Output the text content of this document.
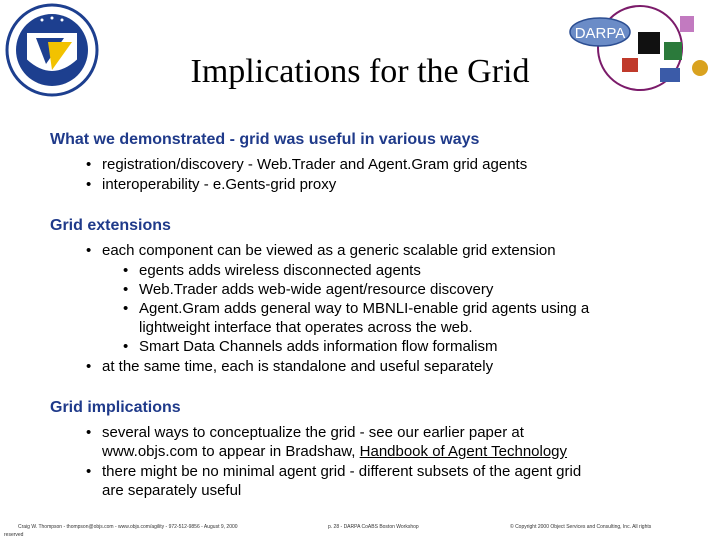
DARPA
Implications for the Grid
What we demonstrated - grid was useful in various ways
• registration/discovery - Web.Trader and Agent.Gram grid agents
• interoperability - e.Gents-grid proxy
Grid extensions
• each component can be viewed as a generic scalable grid extension
• egents adds wireless disconnected agents
• Web.Trader adds web-wide agent/resource discovery
• Agent.Gram adds general way to MBNLI-enable grid agents using a
lightweight interface that operates across the web.
• Smart Data Channels adds information flow formalism
• at the same time, each is standalone and useful separately
Grid implications
• several ways to conceptualize the grid - see our earlier paper at
www.objs.com to appear in Bradshaw, Handbook of Agent Technology
• there might be no minimal agent grid - different subsets of the agent grid
are separately useful
Craig W. Thompson - thompson@objs.com - www.objs.com/agility - 972-512-9856 - August 9, 2000	p. 28 - DARPA CoABS Boston Workshop	© Copyright 2000 Object Services and Consulting, Inc. All rights
reserved
